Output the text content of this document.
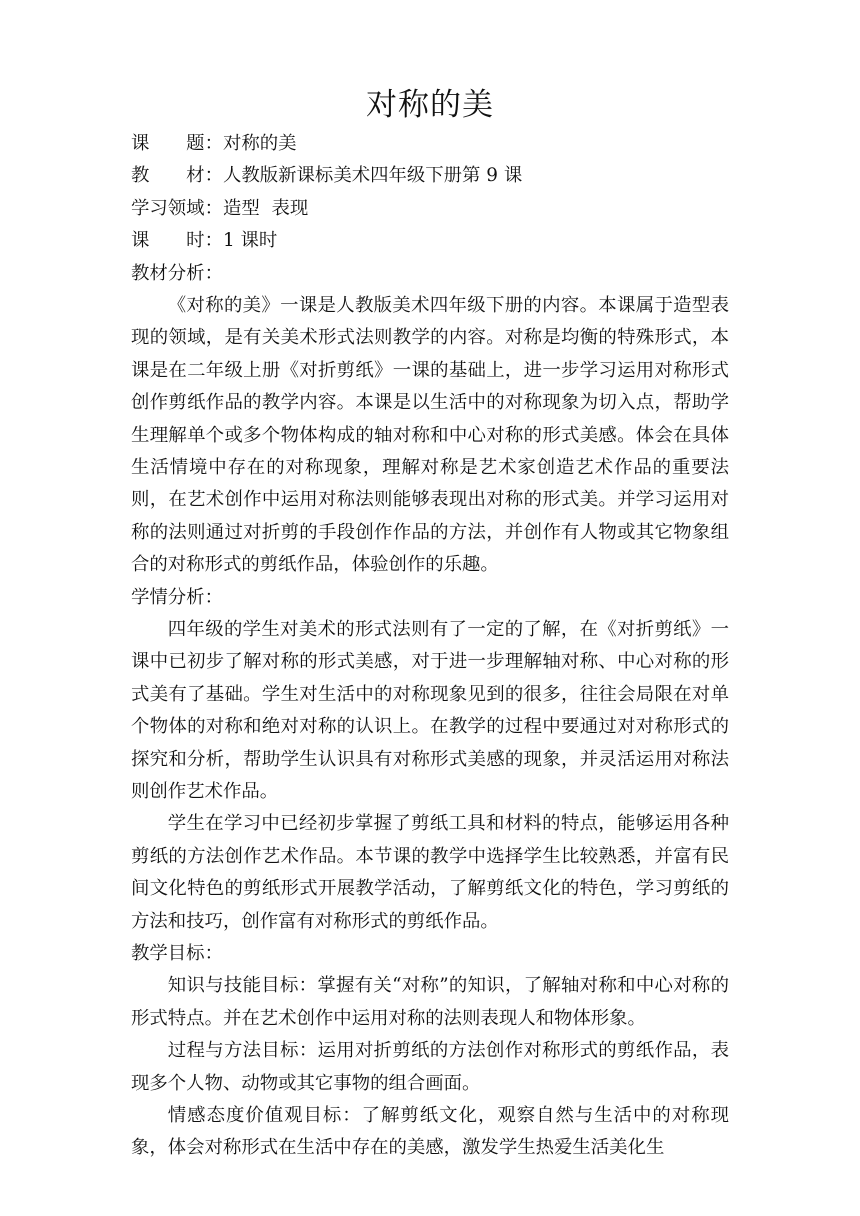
对称的美
课　　题：对称的美
教　　材：人教版新课标美术四年级下册第 9 课
学习领域：造型  表现
课　　时：1 课时
教材分析：
《对称的美》一课是人教版美术四年级下册的内容。本课属于造型表现的领域，是有关美术形式法则教学的内容。对称是均衡的特殊形式，本课是在二年级上册《对折剪纸》一课的基础上，进一步学习运用对称形式创作剪纸作品的教学内容。本课是以生活中的对称现象为切入点，帮助学生理解单个或多个物体构成的轴对称和中心对称的形式美感。体会在具体生活情境中存在的对称现象，理解对称是艺术家创造艺术作品的重要法则，在艺术创作中运用对称法则能够表现出对称的形式美。并学习运用对称的法则通过对折剪的手段创作作品的方法，并创作有人物或其它物象组合的对称形式的剪纸作品，体验创作的乐趣。
学情分析：
四年级的学生对美术的形式法则有了一定的了解，在《对折剪纸》一课中已初步了解对称的形式美感，对于进一步理解轴对称、中心对称的形式美有了基础。学生对生活中的对称现象见到的很多，往往会局限在对单个物体的对称和绝对对称的认识上。在教学的过程中要通过对对称形式的探究和分析，帮助学生认识具有对称形式美感的现象，并灵活运用对称法则创作艺术作品。
学生在学习中已经初步掌握了剪纸工具和材料的特点，能够运用各种剪纸的方法创作艺术作品。本节课的教学中选择学生比较熟悉，并富有民间文化特色的剪纸形式开展教学活动，了解剪纸文化的特色，学习剪纸的方法和技巧，创作富有对称形式的剪纸作品。
教学目标：
知识与技能目标：掌握有关“对称”的知识，了解轴对称和中心对称的形式特点。并在艺术创作中运用对称的法则表现人和物体形象。
过程与方法目标：运用对折剪纸的方法创作对称形式的剪纸作品，表现多个人物、动物或其它事物的组合画面。
情感态度价值观目标：了解剪纸文化，观察自然与生活中的对称现象，体会对称形式在生活中存在的美感，激发学生热爱生活美化生
